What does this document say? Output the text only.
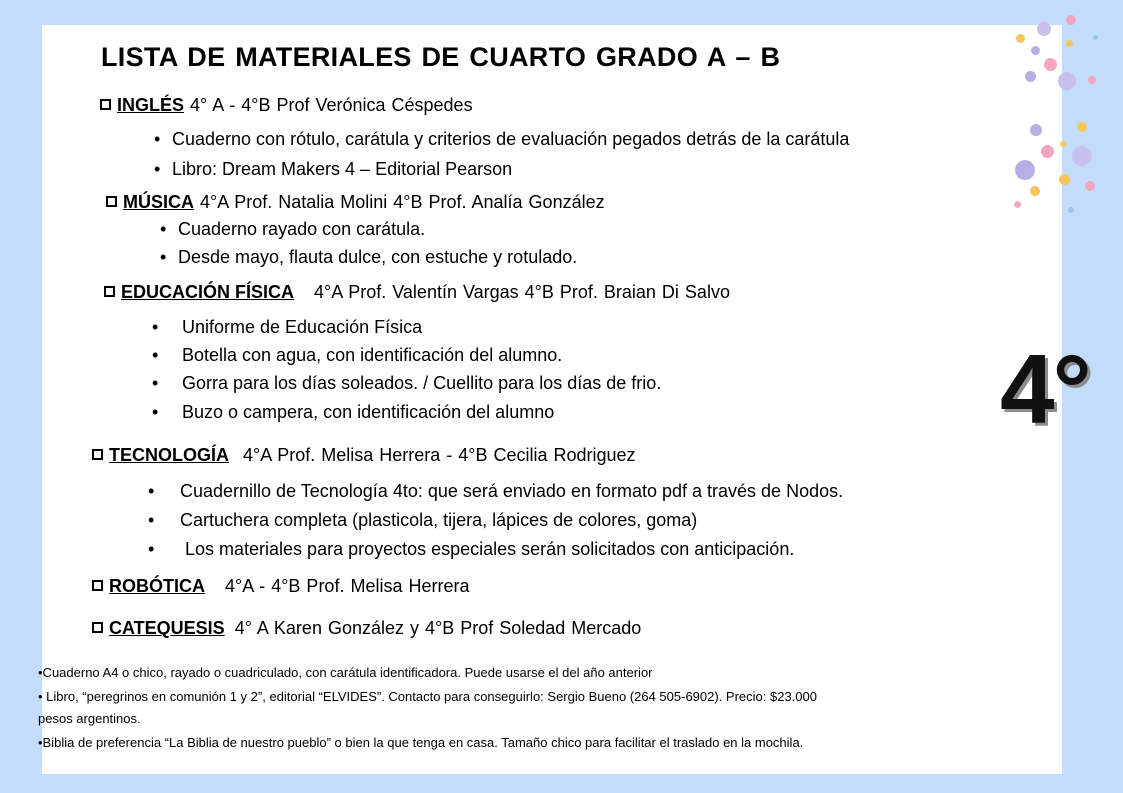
LISTA DE MATERIALES DE CUARTO GRADO A – B
INGLÉS 4° A - 4°B Prof Verónica Céspedes
• Cuaderno con rótulo, carátula y criterios de evaluación pegados detrás de la carátula
• Libro: Dream Makers 4 – Editorial Pearson
MÚSICA 4°A Prof. Natalia Molini 4°B Prof. Analía González
• Cuaderno rayado con carátula.
• Desde mayo, flauta dulce, con estuche y rotulado.
EDUCACIÓN FÍSICA 4°A Prof. Valentín Vargas 4°B Prof. Braian Di Salvo
• Uniforme de Educación Física
• Botella con agua, con identificación del alumno.
• Gorra para los días soleados. / Cuellito para los días de frio.
• Buzo o campera, con identificación del alumno
TECNOLOGÍA 4°A Prof. Melisa Herrera - 4°B Cecilia Rodriguez
• Cuadernillo de Tecnología 4to: que será enviado en formato pdf a través de Nodos.
• Cartuchera completa (plasticola, tijera, lápices de colores, goma)
• Los materiales para proyectos especiales serán solicitados con anticipación.
ROBÓTICA 4°A - 4°B Prof. Melisa Herrera
CATEQUESIS 4° A Karen González y 4°B Prof Soledad Mercado
•Cuaderno A4 o chico, rayado o cuadriculado, con carátula identificadora. Puede usarse el del año anterior
• Libro, “peregrinos en comunión 1 y 2”, editorial “ELVIDES”. Contacto para conseguirlo: Sergio Bueno (264 505-6902). Precio: $23.000
pesos argentinos.
•Biblia de preferencia “La Biblia de nuestro pueblo” o bien la que tenga en casa. Tamaño chico para facilitar el traslado en la mochila.
4°
